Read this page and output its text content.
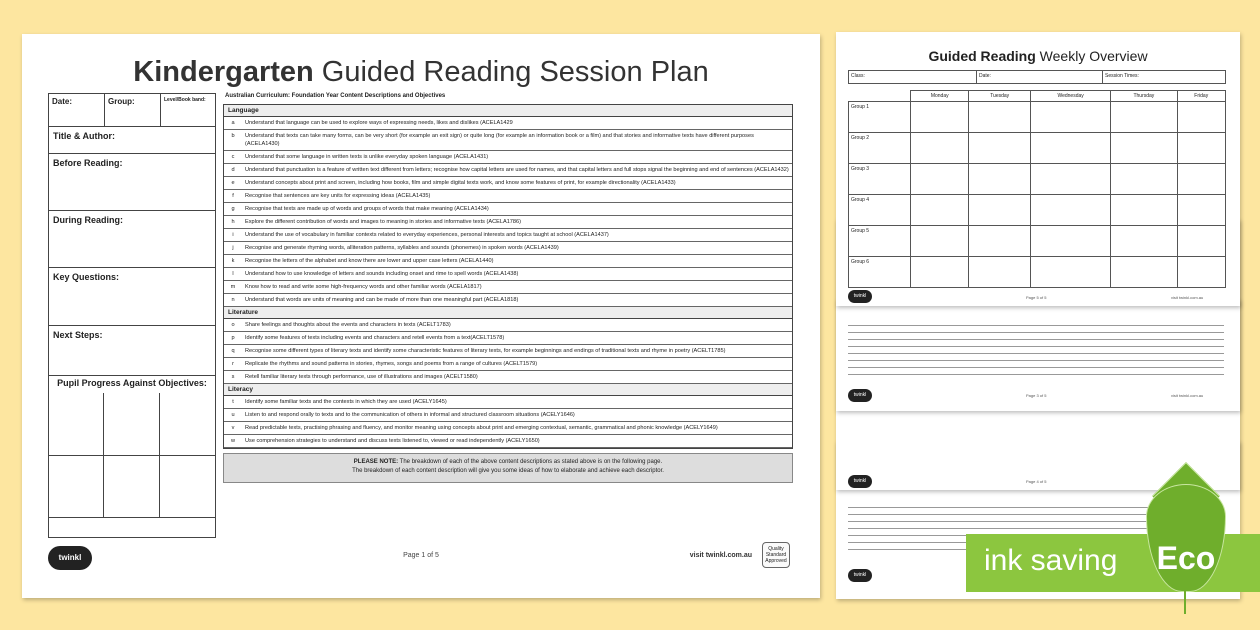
twinkl
twinkl	Page 4 of 5
twinkl	Page 3 of 5	visit twinkl.com.au
Guided Reading Weekly Overview
Class:	Date:	Session Times:
	Monday	Tuesday	Wednesday	Thursday	Friday
Group 1					
Group 2					
Group 3					
Group 4					
Group 5					
Group 6					
twinkl	Page 5 of 5	visit twinkl.com.au
Kindergarten Guided Reading Session Plan
Date:	Group:	Level/Book band:
Title & Author:
Before Reading:
During Reading:
Key Questions:
Next Steps:
Pupil Progress Against Objectives:
Australian Curriculum: Foundation Year Content Descriptions and Objectives
Language
a	Understand that language can be used to explore ways of expressing needs, likes and dislikes (ACELA1429
b	Understand that texts can take many forms, can be very short (for example an exit sign) or quite long (for example an information book or a film) and that stories and informative texts have different purposes (ACELA1430)
c	Understand that some language in written texts is unlike everyday spoken language (ACELA1431)
d	Understand that punctuation is a feature of written text different from letters; recognise how capital letters are used for names, and that capital letters and full stops signal the beginning and end of sentences (ACELA1432)
e	Understand concepts about print and screen, including how books, film and simple digital texts work, and know some features of print, for example directionality (ACELA1433)
f	Recognise that sentences are key units for expressing ideas (ACELA1435)
g	Recognise that texts are made up of words and groups of words that make meaning (ACELA1434)
h	Explore the different contribution of words and images to meaning in stories and informative texts (ACELA1786)
i	Understand the use of vocabulary in familiar contexts related to everyday experiences, personal interests and topics taught at school (ACELA1437)
j	Recognise and generate rhyming words, alliteration patterns, syllables and sounds (phonemes) in spoken words (ACELA1439)
k	Recognise the letters of the alphabet and know there are lower and upper case letters (ACELA1440)
l	Understand how to use knowledge of letters and sounds including onset and rime to spell words (ACELA1438)
m	Know how to read and write some high-frequency words and other familiar words (ACELA1817)
n	Understand that words are units of meaning and can be made of more than one meaningful part (ACELA1818)
Literature
o	Share feelings and thoughts about the events and characters in texts (ACELT1783)
p	Identify some features of texts including events and characters and retell events from a text(ACELT1578)
q	Recognise some different types of literary texts and identify some characteristic features of literary texts, for example beginnings and endings of traditional texts and rhyme in poetry (ACELT1785)
r	Replicate the rhythms and sound patterns in stories, rhymes, songs and poems from a range of cultures (ACELT1579)
s	Retell familiar literary texts through performance, use of illustrations and images (ACELT1580)
Literacy
t	Identify some familiar texts and the contexts in which they are used (ACELY1645)
u	Listen to and respond orally to texts and to the communication of others in informal and structured classroom situations (ACELY1646)
v	Read predictable texts, practising phrasing and fluency, and monitor meaning using concepts about print and emerging contextual, semantic, grammatical and phonic knowledge (ACELY1649)
w	Use comprehension strategies to understand and discuss texts listened to, viewed or read independently (ACELY1650)
PLEASE NOTE: The breakdown of each of the above content descriptions as stated above is on the following page.
The breakdown of each content description will give you some ideas of how to elaborate and achieve each descriptor.
twinkl	Page 1 of 5	visit twinkl.com.au
Quality Standard Approved	ink saving	Eco
